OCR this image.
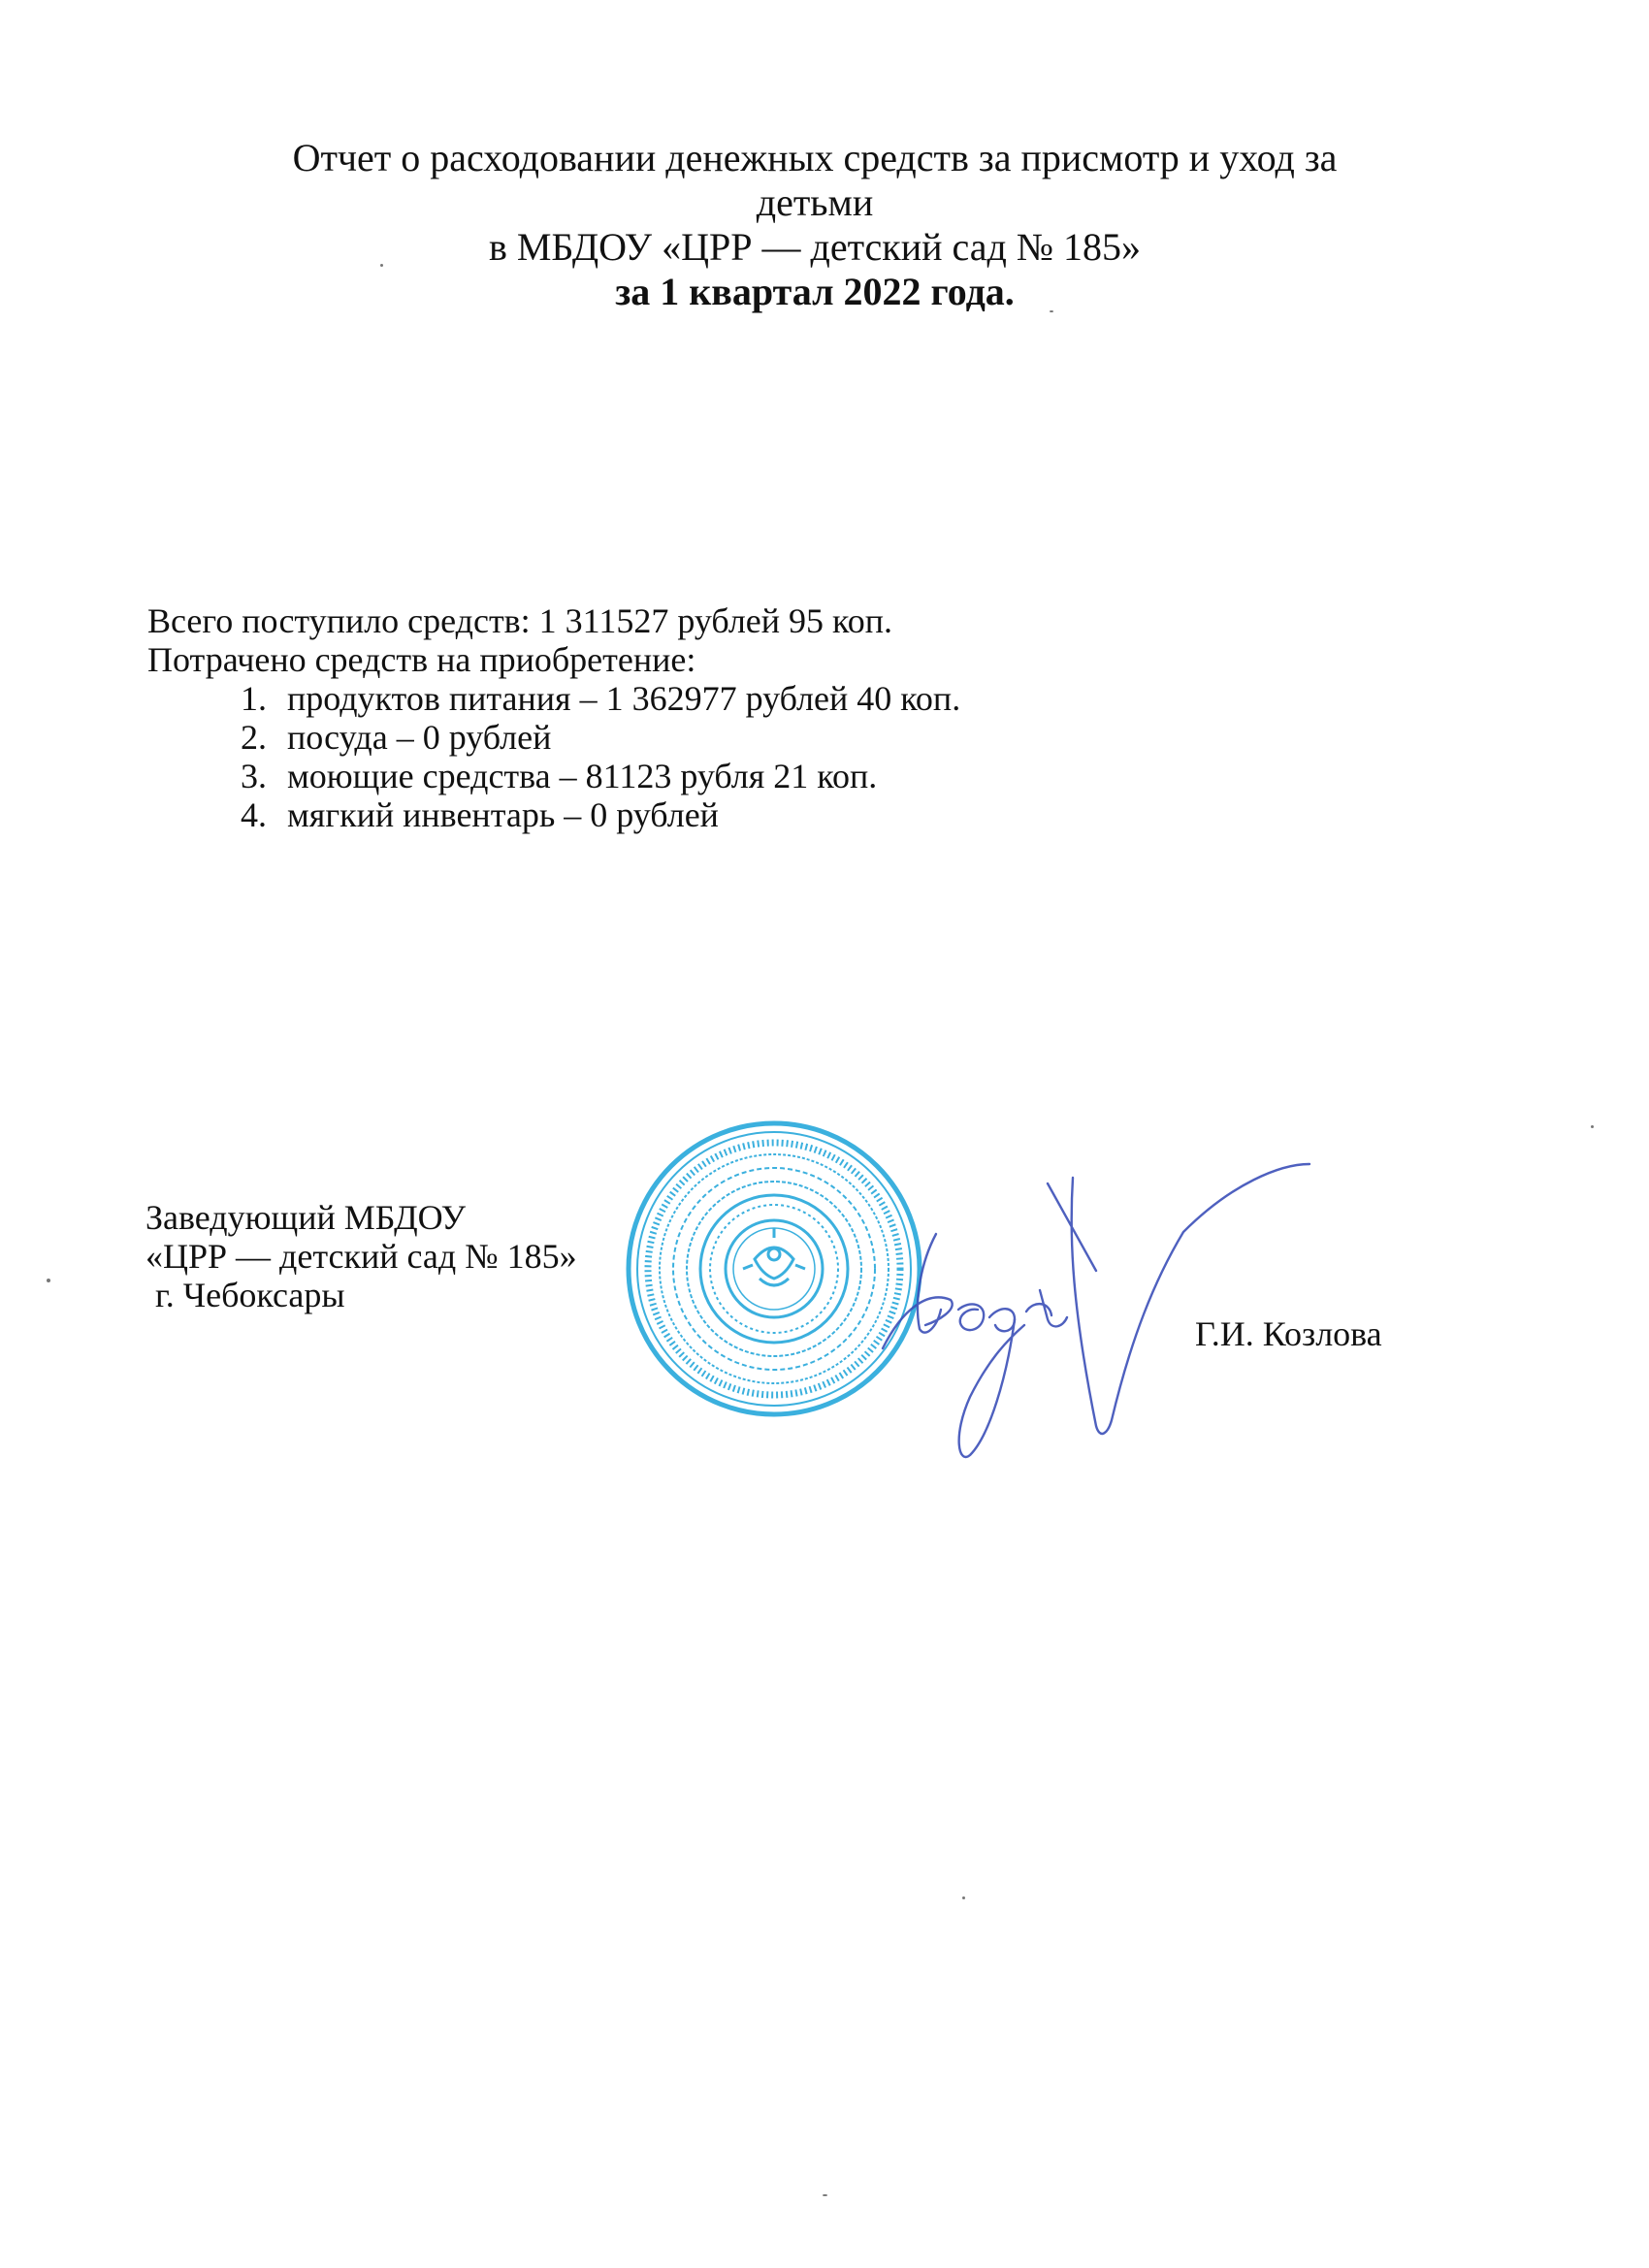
Отчет о расходовании денежных средств за присмотр и уход за
детьми
в МБДОУ «ЦРР — детский сад № 185»
за 1 квартал 2022 года.
Всего поступило средств: 1 311527 рублей 95 коп.
Потрачено средств на приобретение:
1. продуктов питания – 1 362977 рублей 40 коп.
2. посуда – 0 рублей
3. моющие средства – 81123 рубля 21 коп.
4. мягкий инвентарь – 0 рублей
Заведующий МБДОУ
«ЦРР — детский сад № 185»
г. Чебоксары
Г.И. Козлова
